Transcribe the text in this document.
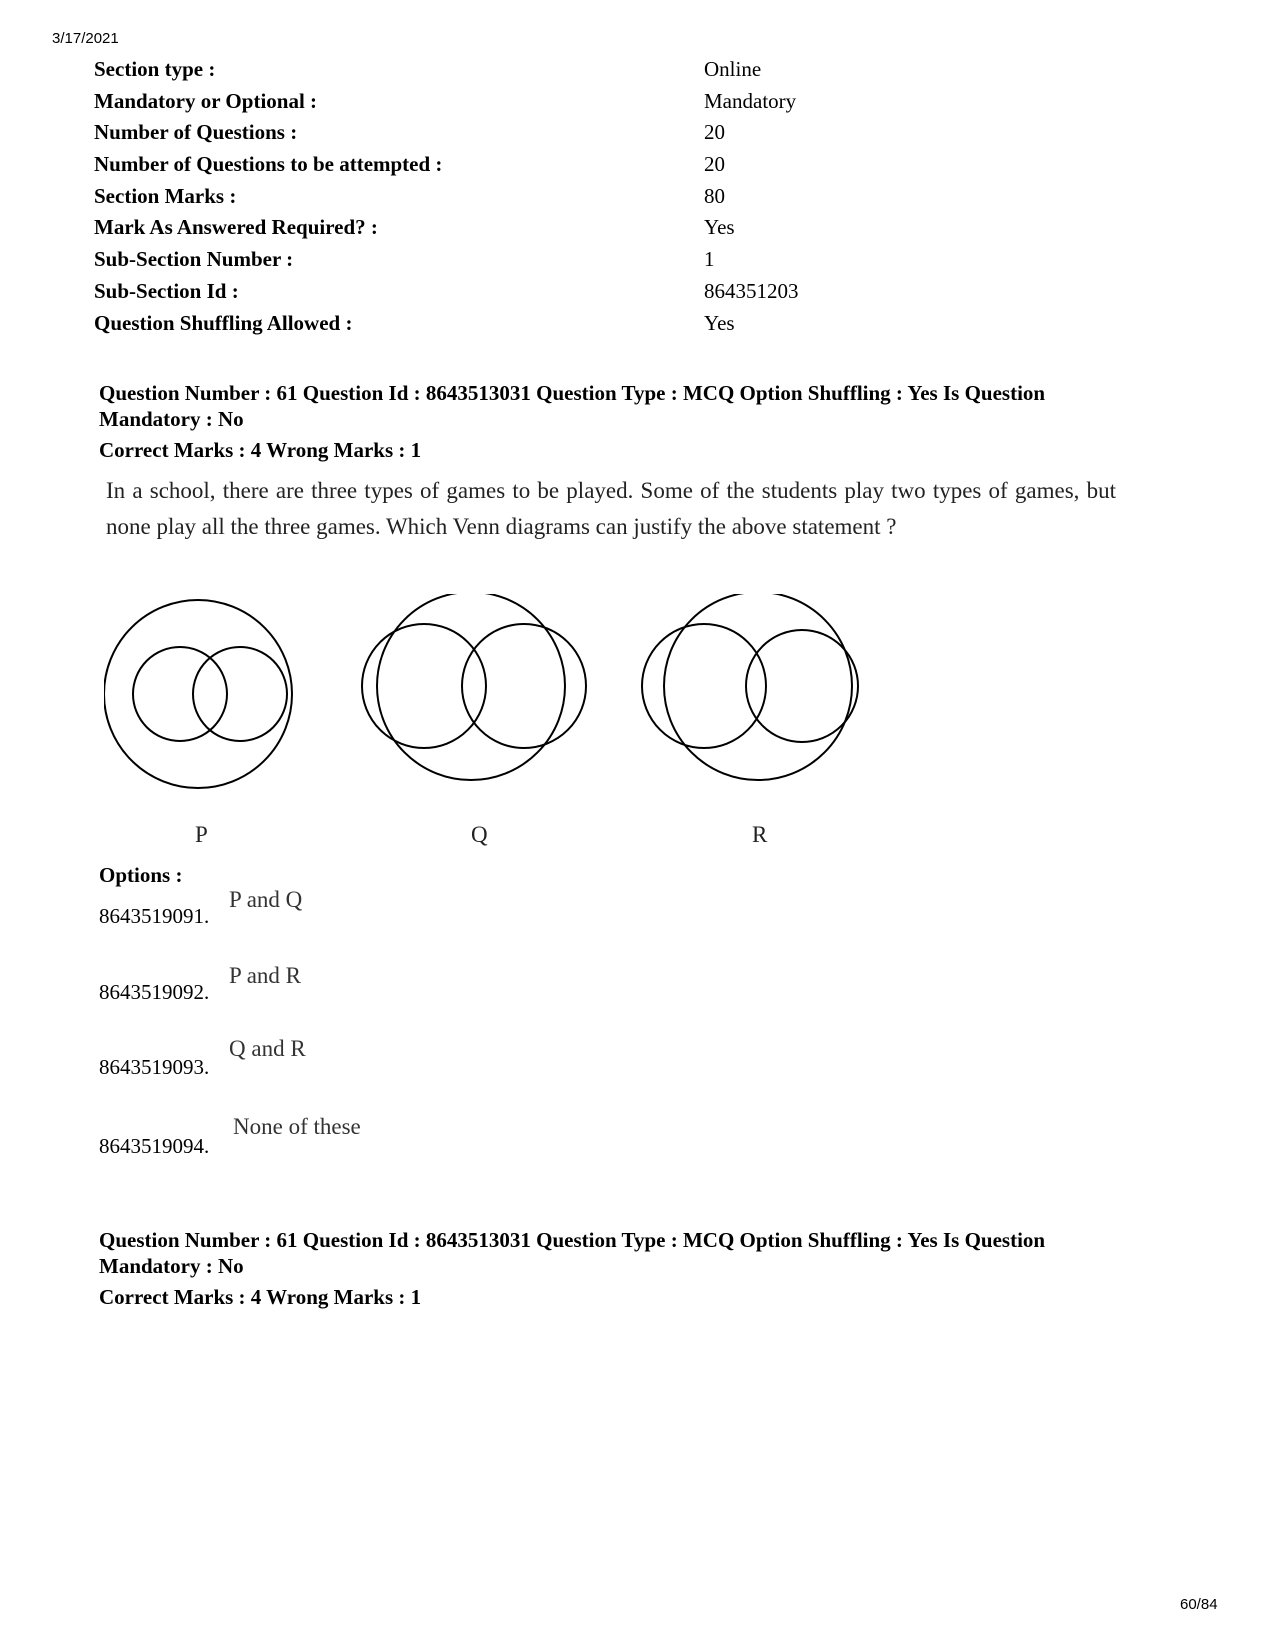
3/17/2021
Section type :	Online
Mandatory or Optional :	Mandatory
Number of Questions :	20
Number of Questions to be attempted :	20
Section Marks :	80
Mark As Answered Required? :	Yes
Sub-Section Number :	1
Sub-Section Id :	864351203
Question Shuffling Allowed :	Yes
Question Number : 61 Question Id : 8643513031 Question Type : MCQ Option Shuffling : Yes Is Question
Mandatory : No
Correct Marks : 4 Wrong Marks : 1
In a school, there are three types of games to be played. Some of the students play two types of games, but none play all the three games. Which Venn diagrams can justify the above statement ?
P	Q	R
Options :
8643519091.
P and Q
8643519092.
P and R
8643519093.
Q and R
8643519094.
None of these
Question Number : 61 Question Id : 8643513031 Question Type : MCQ Option Shuffling : Yes Is Question
Mandatory : No
Correct Marks : 4 Wrong Marks : 1
60/84
